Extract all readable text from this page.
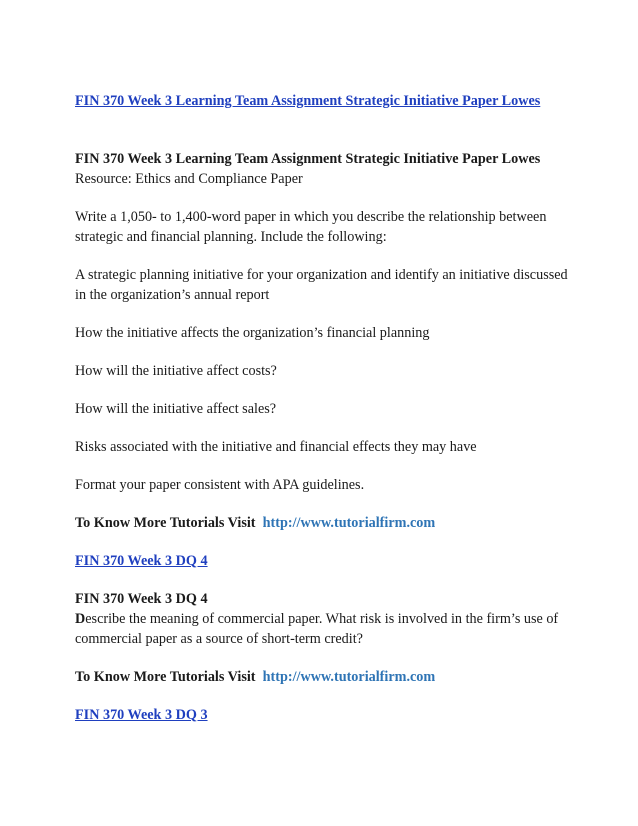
FIN 370 Week 3 Learning Team Assignment Strategic Initiative Paper Lowes

FIN 370 Week 3 Learning Team Assignment Strategic Initiative Paper Lowes

Resource: Ethics and Compliance Paper

Write a 1,050- to 1,400-word paper in which you describe the relationship between strategic and financial planning. Include the following:

A strategic planning initiative for your organization and identify an initiative discussed in the organization’s annual report

How the initiative affects the organization’s financial planning

How will the initiative affect costs?

How will the initiative affect sales?

Risks associated with the initiative and financial effects they may have

Format your paper consistent with APA guidelines.

To Know More Tutorials Visit http://www.tutorialfirm.com

FIN 370 Week 3 DQ 4

FIN 370 Week 3 DQ 4

Describe the meaning of commercial paper. What risk is involved in the firm’s use of commercial paper as a source of short-term credit?

To Know More Tutorials Visit http://www.tutorialfirm.com

FIN 370 Week 3 DQ 3
